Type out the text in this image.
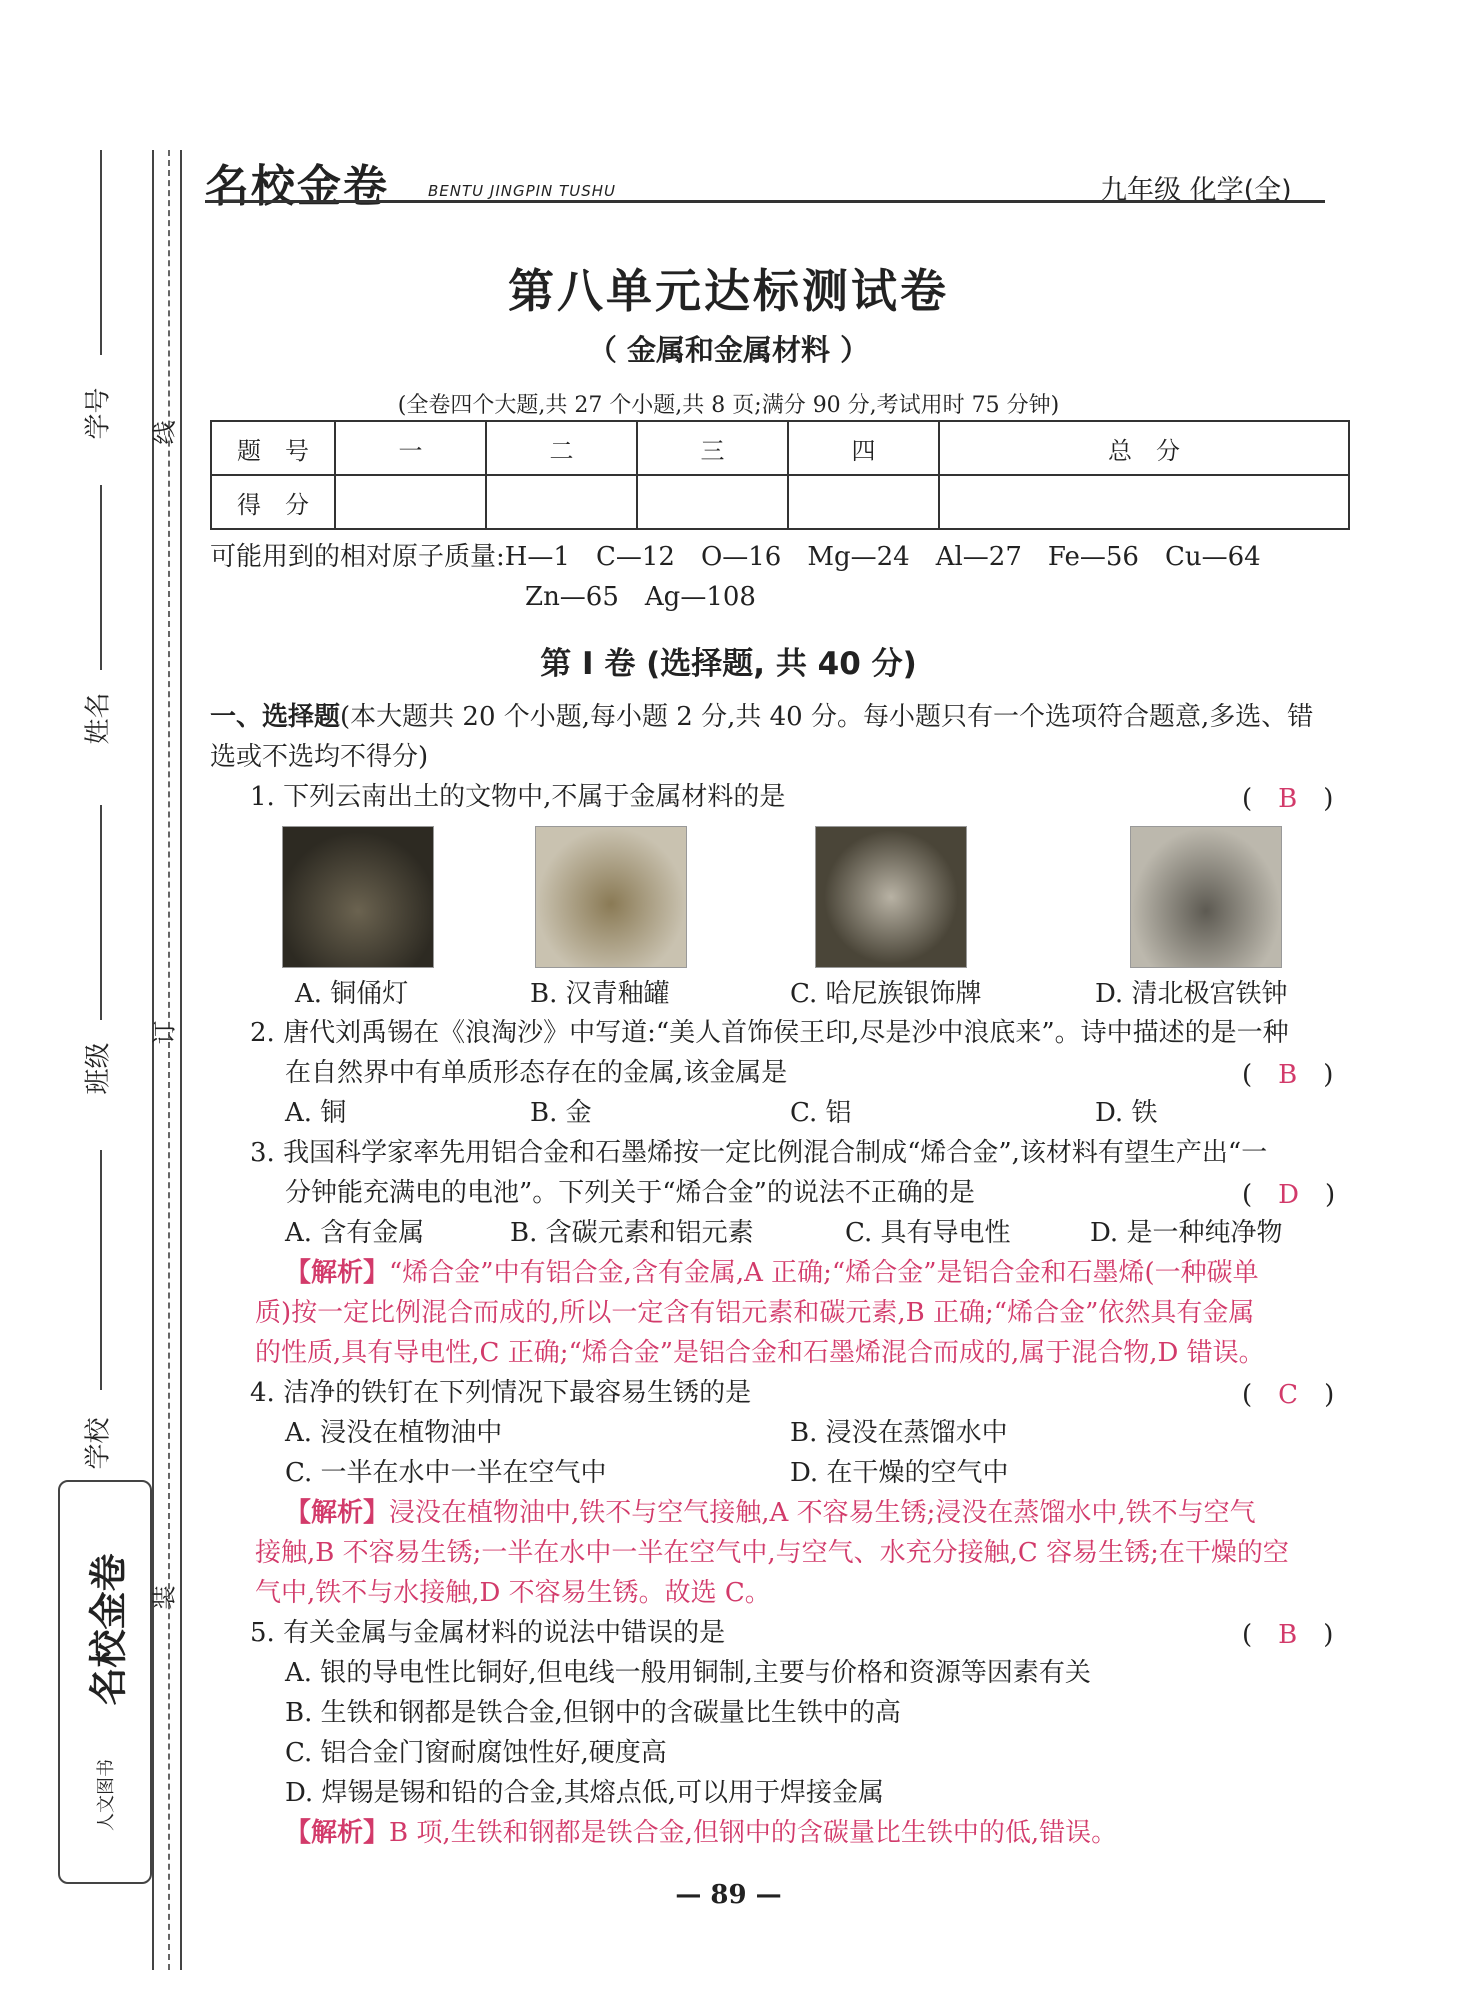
学号
姓名
班级
学校
线
订
装
名校金卷
人文图书
名校金卷	BENTU JINGPIN TUSHU	九年级 化学(全)
第八单元达标测试卷
（ 金属和金属材料 ）
(全卷四个大题,共 27 个小题,共 8 页;满分 90 分,考试用时 75 分钟)
题　号	一	二	三	四	总　分
得　分					
可能用到的相对原子质量:H—1　C—12　O—16　Mg—24　Al—27　Fe—56　Cu—64
Zn—65　Ag—108
第 Ⅰ 卷 (选择题, 共 40 分)
一、选择题(本大题共 20 个小题,每小题 2 分,共 40 分。每小题只有一个选项符合题意,多选、错
选或不选均不得分)
1. 下列云南出土的文物中,不属于金属材料的是	(　B　)
A. 铜俑灯	B. 汉青釉罐	C. 哈尼族银饰牌	D. 清北极宫铁钟
2. 唐代刘禹锡在《浪淘沙》中写道:“美人首饰侯王印,尽是沙中浪底来”。诗中描述的是一种
在自然界中有单质形态存在的金属,该金属是	(　B　)
A. 铜	B. 金	C. 铝	D. 铁
3. 我国科学家率先用铝合金和石墨烯按一定比例混合制成“烯合金”,该材料有望生产出“一
分钟能充满电的电池”。下列关于“烯合金”的说法不正确的是	(　D　)
A. 含有金属	B. 含碳元素和铝元素	C. 具有导电性	D. 是一种纯净物
【解析】“烯合金”中有铝合金,含有金属,A 正确;“烯合金”是铝合金和石墨烯(一种碳单
质)按一定比例混合而成的,所以一定含有铝元素和碳元素,B 正确;“烯合金”依然具有金属
的性质,具有导电性,C 正确;“烯合金”是铝合金和石墨烯混合而成的,属于混合物,D 错误。
4. 洁净的铁钉在下列情况下最容易生锈的是	(　C　)
A. 浸没在植物油中	B. 浸没在蒸馏水中
C. 一半在水中一半在空气中	D. 在干燥的空气中
【解析】浸没在植物油中,铁不与空气接触,A 不容易生锈;浸没在蒸馏水中,铁不与空气
接触,B 不容易生锈;一半在水中一半在空气中,与空气、水充分接触,C 容易生锈;在干燥的空
气中,铁不与水接触,D 不容易生锈。故选 C。
5. 有关金属与金属材料的说法中错误的是	(　B　)
A. 银的导电性比铜好,但电线一般用铜制,主要与价格和资源等因素有关
B. 生铁和钢都是铁合金,但钢中的含碳量比生铁中的高
C. 铝合金门窗耐腐蚀性好,硬度高
D. 焊锡是锡和铅的合金,其熔点低,可以用于焊接金属
【解析】B 项,生铁和钢都是铁合金,但钢中的含碳量比生铁中的低,错误。
— 89 —
